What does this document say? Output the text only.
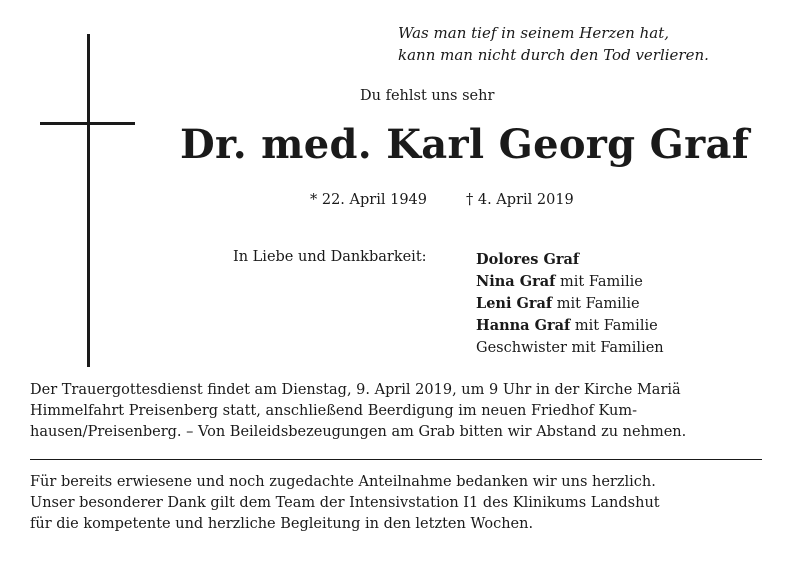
Was man tief in seinem Herzen hat,
kann man nicht durch den Tod verlieren.
Du fehlst uns sehr
Dr. med. Karl Georg Graf
* 22. April 1949	† 4. April 2019
In Liebe und Dankbarkeit:	Dolores Graf
Nina Graf mit Familie
Leni Graf mit Familie
Hanna Graf mit Familie
Geschwister mit Familien
Der Trauergottesdienst findet am Dienstag, 9. April 2019, um 9 Uhr in der Kirche Mariä
Himmelfahrt Preisenberg statt, anschließend Beerdigung im neuen Friedhof Kum-
hausen/Preisenberg. – Von Beileidsbezeugungen am Grab bitten wir Abstand zu nehmen.
Für bereits erwiesene und noch zugedachte Anteilnahme bedanken wir uns herzlich.
Unser besonderer Dank gilt dem Team der Intensivstation I1 des Klinikums Landshut
für die kompetente und herzliche Begleitung in den letzten Wochen.
